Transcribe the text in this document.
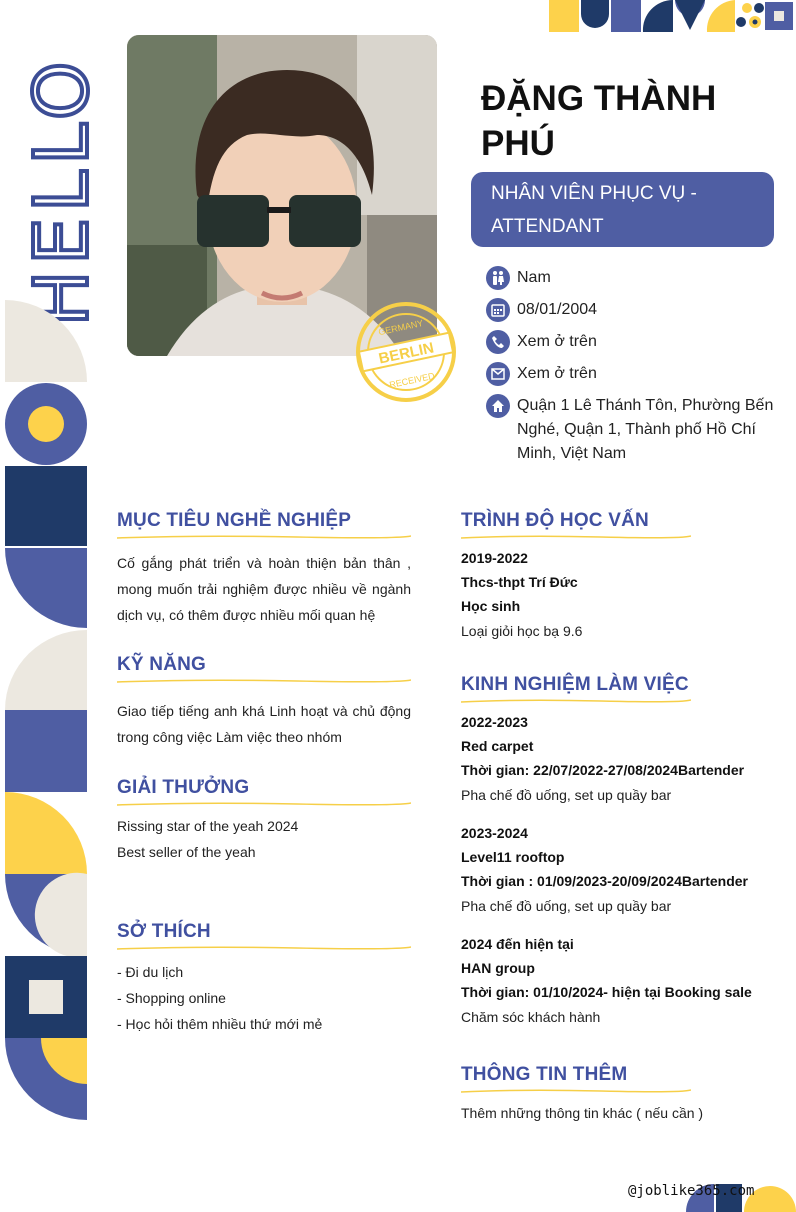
HELLO
BERLIN
GERMANY
RECEIVED
ĐẶNG THÀNH PHÚ
NHÂN VIÊN PHỤC VỤ - ATTENDANT
Nam
08/01/2004
Xem ở trên
Xem ở trên
Quận 1 Lê Thánh Tôn, Phường Bến Nghé, Quận 1, Thành phố Hồ Chí Minh, Việt Nam
MỤC TIÊU NGHỀ NGHIỆP
Cố gắng phát triển và hoàn thiện bản thân , mong muốn trải nghiệm được nhiều về ngành dịch vụ, có thêm được nhiều mối quan hệ
KỸ NĂNG
Giao tiếp tiếng anh khá Linh hoạt và chủ động trong công việc Làm việc theo nhóm
GIẢI THƯỞNG
Rissing star of the yeah 2024
Best seller of the yeah
SỞ THÍCH
- Đi du lịch
- Shopping online
- Học hỏi thêm nhiều thứ mới mẻ
TRÌNH ĐỘ HỌC VẤN
2019-2022
Thcs-thpt Trí Đức
Học sinh
Loại giỏi học bạ 9.6
KINH NGHIỆM LÀM VIỆC
2022-2023
Red carpet
Thời gian: 22/07/2022-27/08/2024Bartender
Pha chế đồ uống, set up quầy bar
2023-2024
Level11 rooftop
Thời gian : 01/09/2023-20/09/2024Bartender
Pha chế đồ uống, set up quầy bar
2024 đến hiện tại
HAN group
Thời gian: 01/10/2024- hiện tại Booking sale
Chăm sóc khách hành
THÔNG TIN THÊM
Thêm những thông tin khác ( nếu cần )
@joblike365.com
